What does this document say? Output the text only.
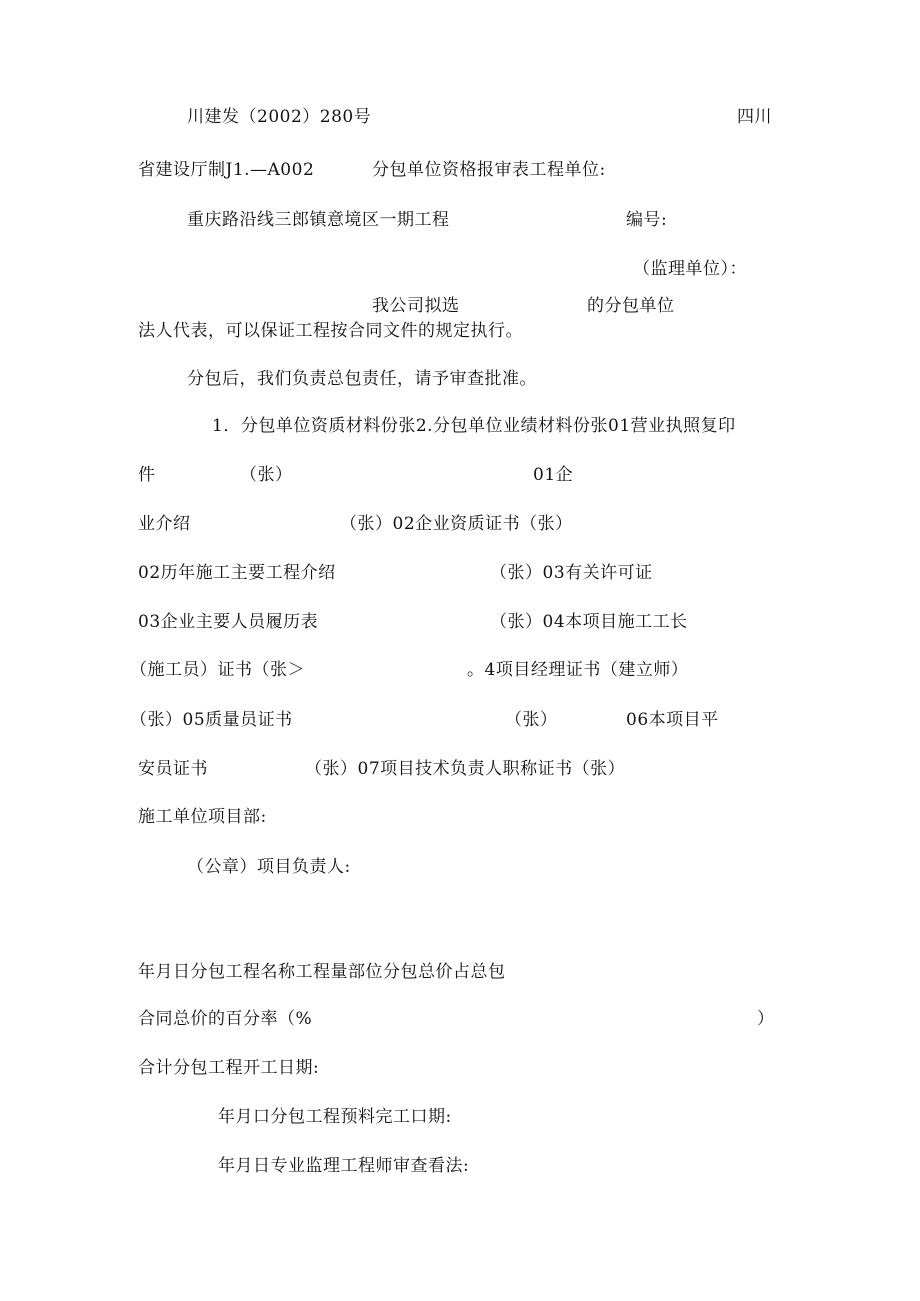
川建发（2002）280号	四川
省建设厅制J1.—A002	分包单位资格报审表工程单位:
重庆路沿线三郎镇意境区一期工程	编号:
（监理单位）：
我公司拟选	的分包单位
法人代表，可以保证工程按合同文件的规定执行。
分包后，我们负责总包责任，请予审查批准。
1．分包单位资质材料份张2.分包单位业绩材料份张01营业执照复印
件	（张）	01企
业介绍	（张）02企业资质证书（张）
02历年施工主要工程介绍	（张）03有关许可证
03企业主要人员履历表	（张）04本项目施工工长
（施工员）证书（张＞	。4项目经理证书（建立师）
（张）05质量员证书	（张）	06本项目平
安员证书	（张）07项目技术负责人职称证书（张）
施工单位项目部:
（公章）项目负责人:
年月日分包工程名称工程量部位分包总价占总包
合同总价的百分率（%	）
合计分包工程开工日期:
年月口分包工程预料完工口期:
年月日专业监理工程师审查看法:
